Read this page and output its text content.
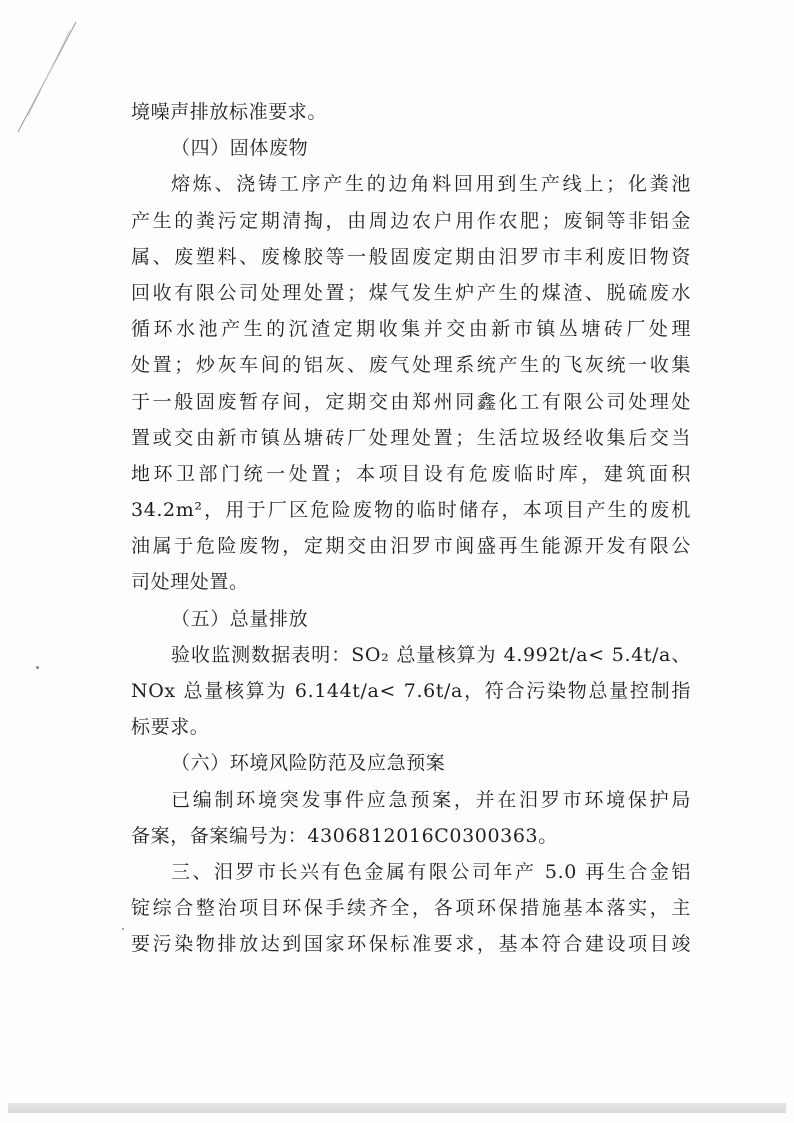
境噪声排放标准要求。
（四）固体废物
熔炼、浇铸工序产生的边角料回用到生产线上；化粪池
产生的粪污定期清掏，由周边农户用作农肥；废铜等非铝金
属、废塑料、废橡胶等一般固废定期由汨罗市丰利废旧物资
回收有限公司处理处置；煤气发生炉产生的煤渣、脱硫废水
循环水池产生的沉渣定期收集并交由新市镇丛塘砖厂处理
处置；炒灰车间的铝灰、废气处理系统产生的飞灰统一收集
于一般固废暂存间，定期交由郑州同鑫化工有限公司处理处
置或交由新市镇丛塘砖厂处理处置；生活垃圾经收集后交当
地环卫部门统一处置；本项目设有危废临时库，建筑面积
34.2m²，用于厂区危险废物的临时储存，本项目产生的废机
油属于危险废物，定期交由汨罗市闽盛再生能源开发有限公
司处理处置。
（五）总量排放
验收监测数据表明：SO₂ 总量核算为 4.992t/a< 5.4t/a、
NOx 总量核算为 6.144t/a< 7.6t/a，符合污染物总量控制指
标要求。
（六）环境风险防范及应急预案
已编制环境突发事件应急预案，并在汨罗市环境保护局
备案，备案编号为：4306812016C0300363。
三、汨罗市长兴有色金属有限公司年产 5.0 再生合金铝
锭综合整治项目环保手续齐全，各项环保措施基本落实，主
要污染物排放达到国家环保标准要求，基本符合建设项目竣
